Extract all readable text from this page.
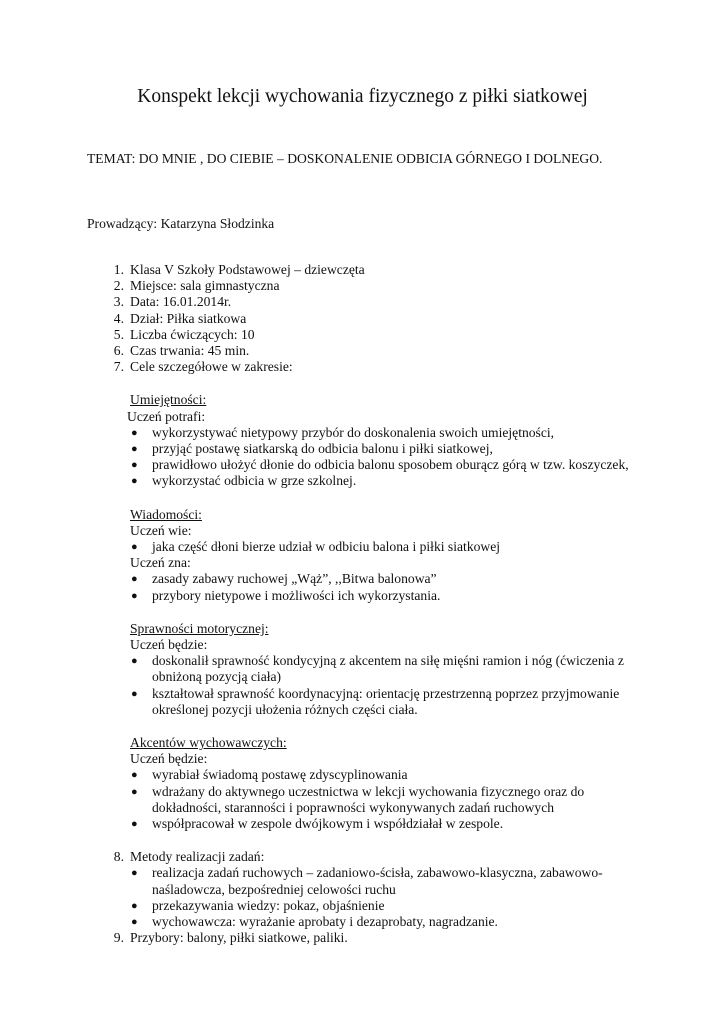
Konspekt lekcji wychowania fizycznego z piłki siatkowej
TEMAT: DO MNIE , DO CIEBIE – DOSKONALENIE ODBICIA GÓRNEGO I DOLNEGO.
Prowadzący: Katarzyna Słodzinka
1. Klasa V Szkoły Podstawowej – dziewczęta
2. Miejsce: sala gimnastyczna
3. Data: 16.01.2014r.
4. Dział: Piłka siatkowa
5. Liczba ćwiczących: 10
6. Czas trwania: 45 min.
7. Cele szczegółowe w zakresie:
Umiejętności:
Uczeń potrafi:
● wykorzystywać nietypowy przybór do doskonalenia swoich umiejętności,
● przyjąć postawę siatkarską do odbicia balonu i piłki siatkowej,
● prawidłowo ułożyć dłonie do odbicia balonu sposobem oburącz górą w tzw. koszyczek,
● wykorzystać odbicia w grze szkolnej.
Wiadomości:
Uczeń wie:
● jaka część dłoni bierze udział w odbiciu balona i piłki siatkowej
Uczeń zna:
● zasady zabawy ruchowej „Wąż”, ,,Bitwa balonowa”
● przybory nietypowe i możliwości ich wykorzystania.
Sprawności motorycznej:
Uczeń będzie:
● doskonalił sprawność kondycyjną z akcentem na siłę mięśni ramion i nóg (ćwiczenia z obniżoną pozycją ciała)
● kształtował sprawność koordynacyjną: orientację przestrzenną poprzez przyjmowanie określonej pozycji ułożenia różnych części ciała.
Akcentów wychowawczych:
Uczeń będzie:
● wyrabiał świadomą postawę zdyscyplinowania
● wdrażany do aktywnego uczestnictwa w lekcji wychowania fizycznego oraz do dokładności, staranności i poprawności wykonywanych zadań ruchowych
● współpracował w zespole dwójkowym i współdziałał w zespole.
8. Metody realizacji zadań:
● realizacja zadań ruchowych – zadaniowo-ścisła, zabawowo-klasyczna, zabawowo-naśladowcza, bezpośredniej celowości ruchu
● przekazywania wiedzy: pokaz, objaśnienie
● wychowawcza: wyrażanie aprobaty i dezaprobaty, nagradzanie.
9. Przybory: balony, piłki siatkowe, paliki.
